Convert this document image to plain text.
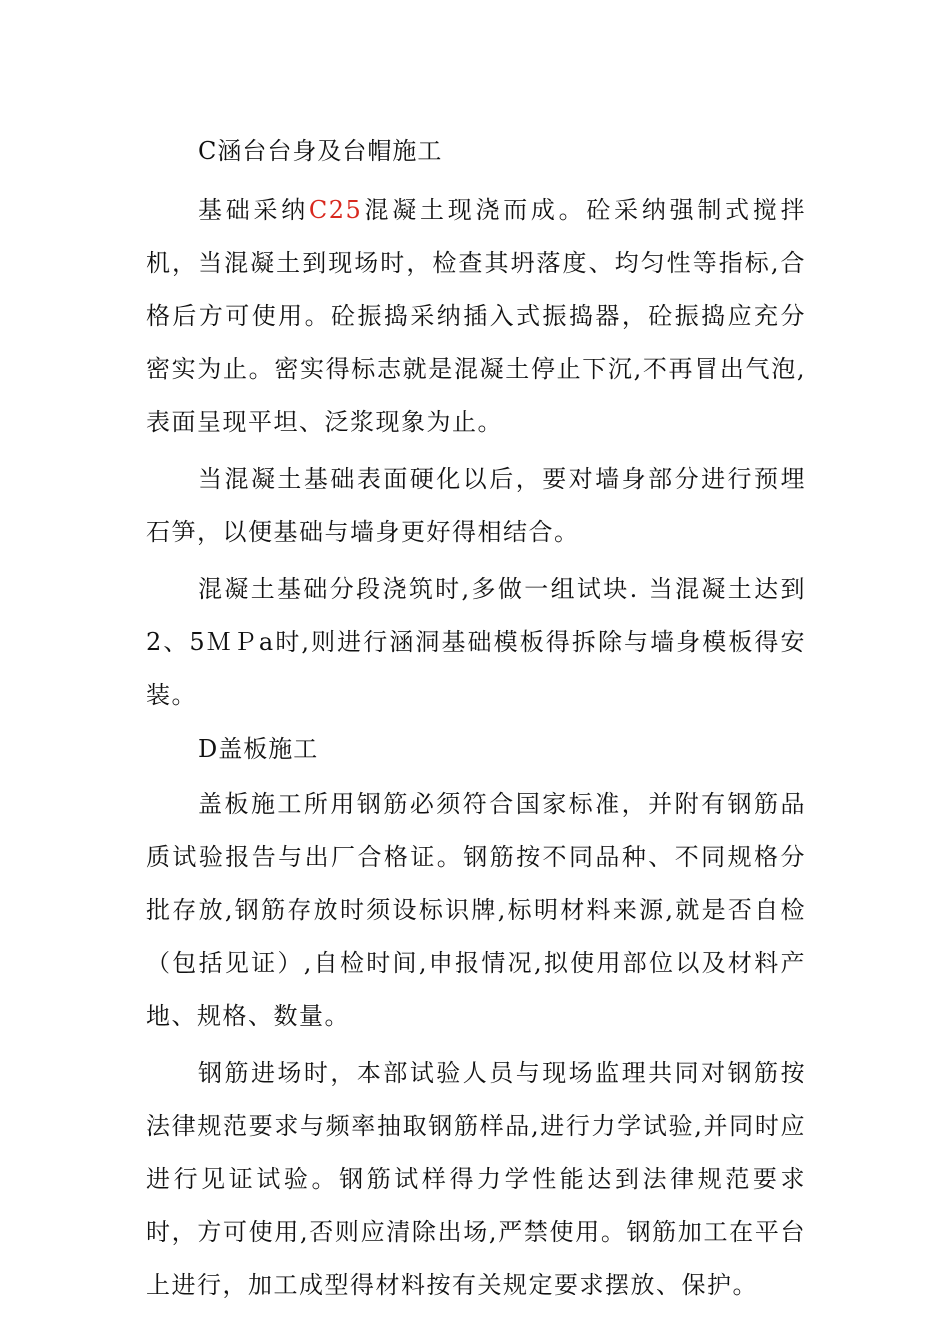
C涵台台身及台帽施工

基础采纳C25混凝土现浇而成。砼采纳强制式搅拌机，当混凝土到现场时，检查其坍落度、均匀性等指标,合格后方可使用。砼振捣采纳插入式振捣器，砼振捣应充分密实为止。密实得标志就是混凝土停止下沉,不再冒出气泡,表面呈现平坦、泛浆现象为止。

当混凝土基础表面硬化以后，要对墙身部分进行预埋石笋，以便基础与墙身更好得相结合。

混凝土基础分段浇筑时,多做一组试块. 当混凝土达到2、5ＭＰa时,则进行涵洞基础模板得拆除与墙身模板得安装。

D盖板施工

盖板施工所用钢筋必须符合国家标准，并附有钢筋品质试验报告与出厂合格证。钢筋按不同品种、不同规格分批存放,钢筋存放时须设标识牌,标明材料来源,就是否自检（包括见证）,自检时间,申报情况,拟使用部位以及材料产地、规格、数量。

钢筋进场时，本部试验人员与现场监理共同对钢筋按法律规范要求与频率抽取钢筋样品,进行力学试验,并同时应进行见证试验。钢筋试样得力学性能达到法律规范要求时，方可使用,否则应清除出场,严禁使用。钢筋加工在平台上进行，加工成型得材料按有关规定要求摆放、保护。
